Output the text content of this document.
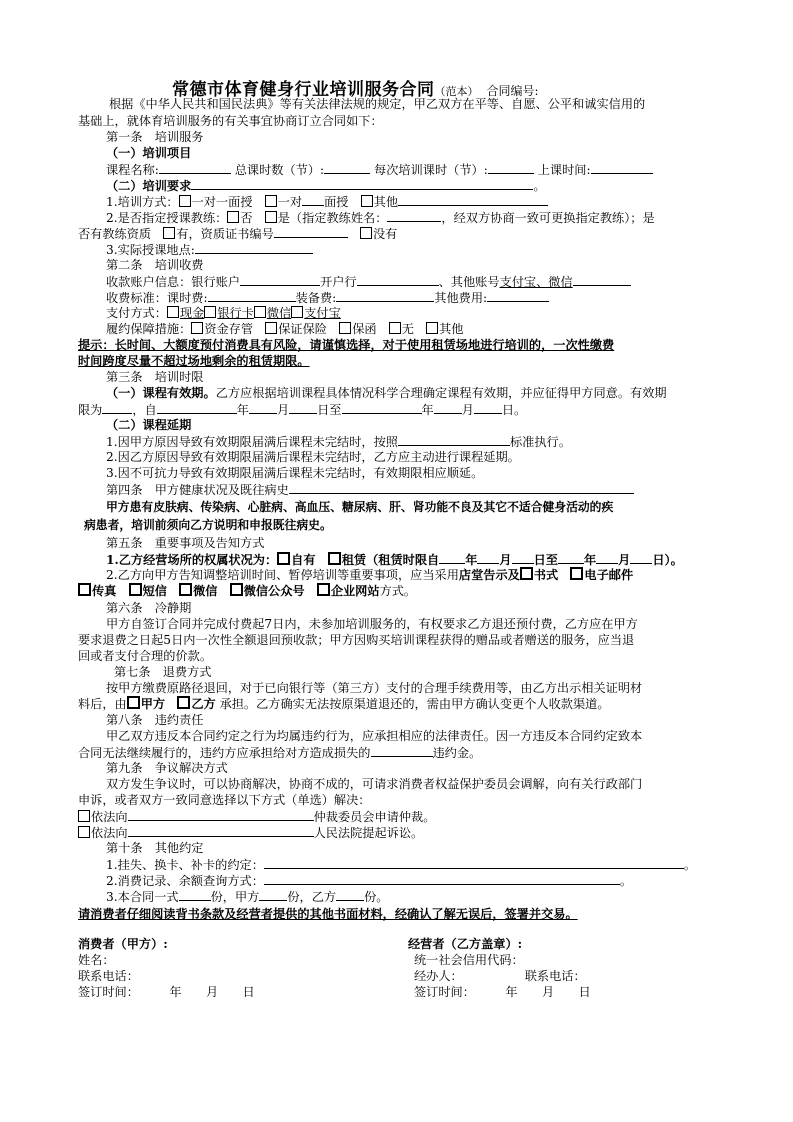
常德市体育健身行业培训服务合同（范本） 合同编号:
根据《中华人民共和国民法典》等有关法律法规的规定，甲乙双方在平等、自愿、公平和诚实信用的
基础上，就体育培训服务的有关事宜协商订立合同如下：
第一条　培训服务
（一）培训项目
课程名称:	总课时数（节）:	每次培训课时（节）:	上课时间:
（二）培训要求	。
1.培训方式： 一对一面授　 一对 面授　 其他
2.是否指定授课教练： 否　 是（指定教练姓名：	，经双方协商一致可更换指定教练）；是
否有教练资质　 有，资质证书编号　	没有
3.实际授课地点:
第二条　培训收费
收款账户信息：银行账户	开户行	、其他账号支付宝、微信
收费标准：课时费:	装备费:	其他费用:
支付方式： 现金 银行卡 微信 支付宝
履约保障措施： 资金存管　 保证保险　 保函　 无　 其他
提示：长时间、大额度预付消费具有风险，请谨慎选择，对于使用租赁场地进行培训的，一次性缴费
时间跨度尽量不超过场地剩余的租赁期限。
第三条　培训时限
（一）课程有效期。乙方应根据培训课程具体情况科学合理确定课程有效期，并应征得甲方同意。有效期
限为 ，自	年 月 日至	年 月 日。
（二）课程延期
1.因甲方原因导致有效期限届满后课程未完结时，按照	标准执行。
2.因乙方原因导致有效期限届满后课程未完结时，乙方应主动进行课程延期。
3.因不可抗力导致有效期限届满后课程未完结时，有效期限相应顺延。
第四条　甲方健康状况及既往病史
甲方患有皮肤病、传染病、心脏病、高血压、糖尿病、肝、肾功能不良及其它不适合健身活动的疾
病患者，培训前须向乙方说明和申报既往病史。
第五条　重要事项及告知方式
1.乙方经营场所的权属状况为： 自有　 租赁（租赁时限自 年 月 日至 年 月 日）。
2.乙方向甲方告知调整培训时间、暂停培训等重要事项，应当采用店堂告示及 书式　 电子邮件
传真　 短信　 微信　 微信公众号　 企业网站方式。
第六条　冷静期
甲方自签订合同并完成付费起7日内，未参加培训服务的，有权要求乙方退还预付费，乙方应在甲方
要求退费之日起5日内一次性全额退回预收款；甲方因购买培训课程获得的赠品或者赠送的服务，应当退
回或者支付合理的价款。
第七条　退费方式
按甲方缴费原路径退回，对于已向银行等（第三方）支付的合理手续费用等，由乙方出示相关证明材
料后，由 甲方　 乙方 承担。乙方确实无法按原渠道退还的，需由甲方确认变更个人收款渠道。
第八条　违约责任
甲乙双方违反本合同约定之行为均属违约行为，应承担相应的法律责任。因一方违反本合同约定致本
合同无法继续履行的，违约方应承担给对方造成损失的	违约金。
第九条　争议解决方式
双方发生争议时，可以协商解决，协商不成的，可请求消费者权益保护委员会调解，向有关行政部门
申诉，或者双方一致同意选择以下方式（单选）解决：
依法向	仲裁委员会申请仲裁。
依法向	人民法院提起诉讼。
第十条　其他约定
1.挂失、换卡、补卡的约定：	。
2.消费记录、余额查询方式：	。
3.本合同一式	份，甲方 份，乙方 份。
请消费者仔细阅读背书条款及经营者提供的其他书面材料，经确认了解无误后，签署并交易。
消费者（甲方）:
姓名：
联系电话：
签订时间：　　　年　　月　　日
经营者（乙方盖章）:
统一社会信用代码：
经办人：	联系电话：
签订时间：　　　年　　月　　日
